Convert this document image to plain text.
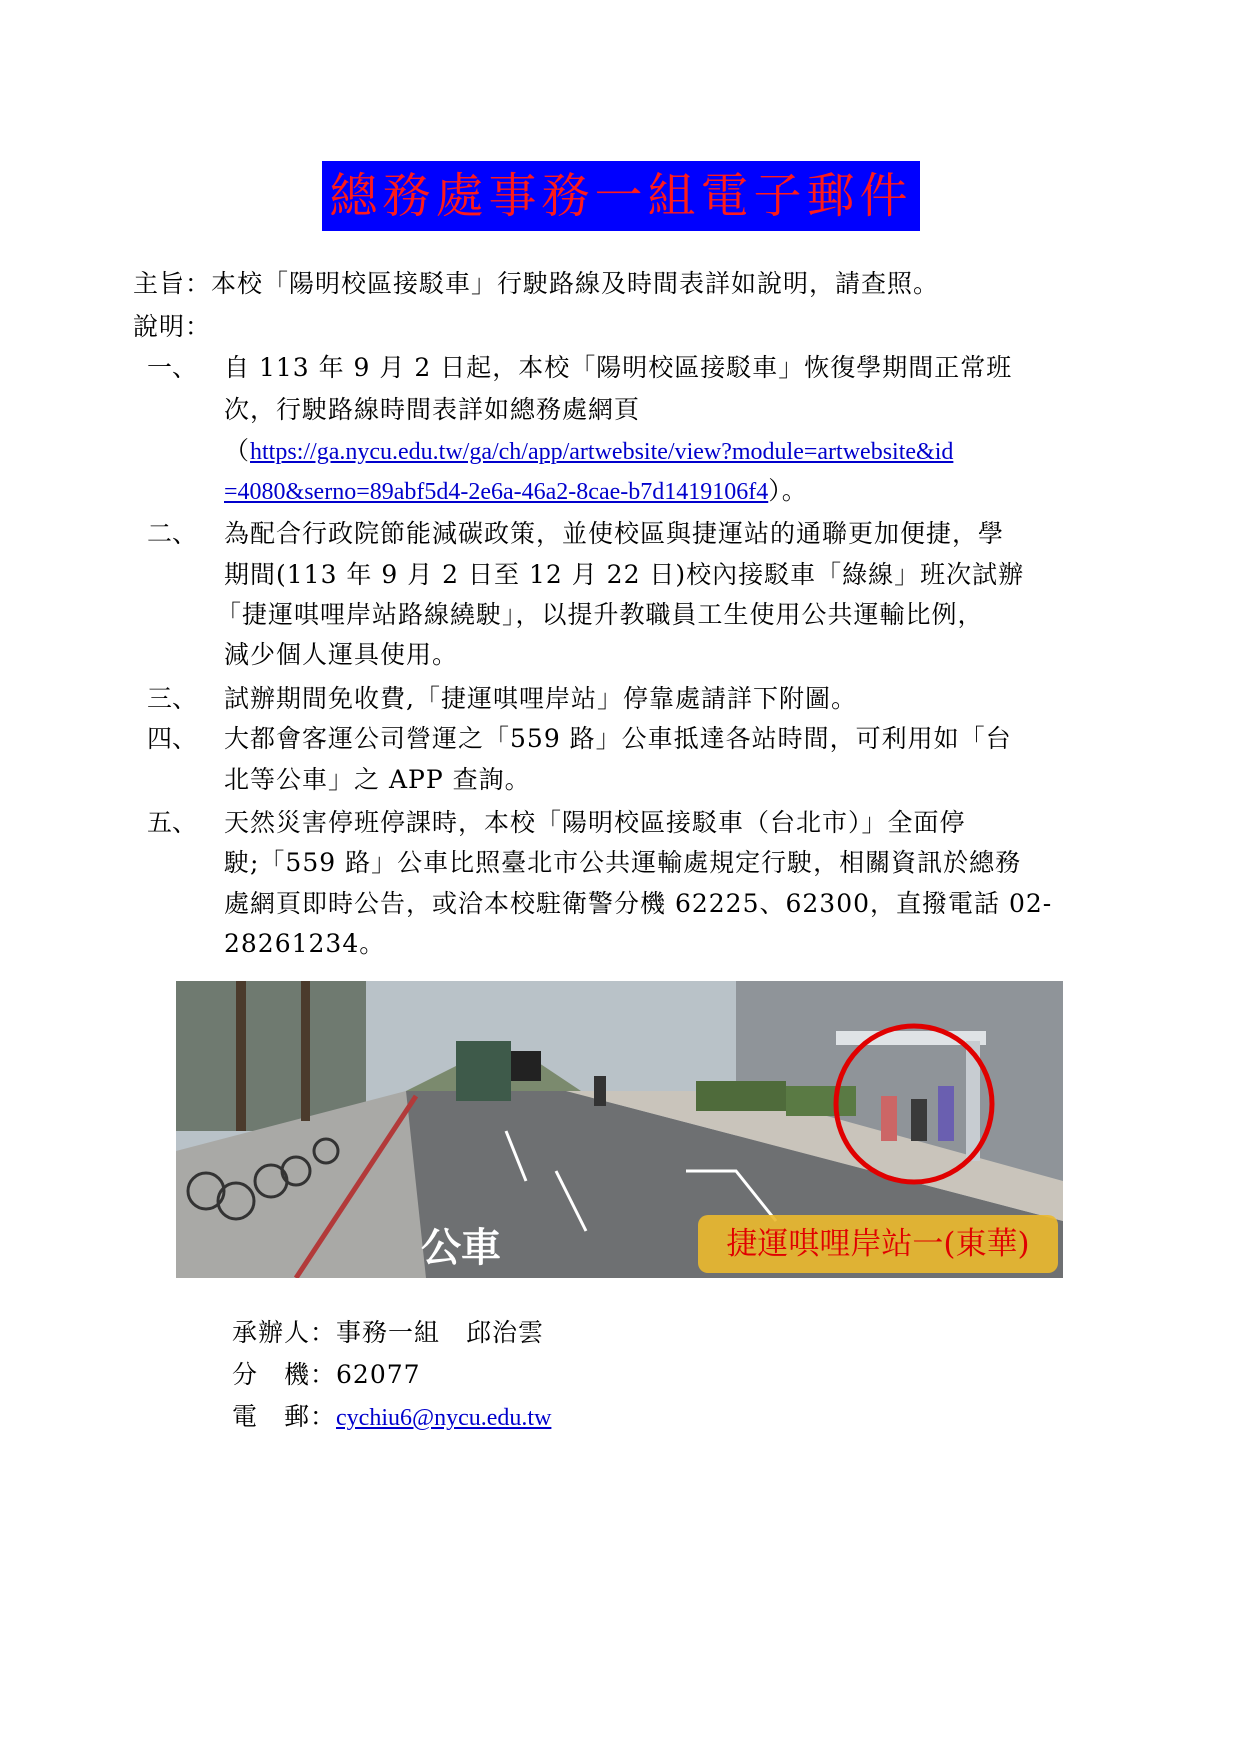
總務處事務一組電子郵件
主旨：本校「陽明校區接駁車」行駛路線及時間表詳如說明，請查照。
說明：
一、 自 113 年 9 月 2 日起，本校「陽明校區接駁車」恢復學期間正常班
次，行駛路線時間表詳如總務處網頁
（https://ga.nycu.edu.tw/ga/ch/app/artwebsite/view?module=artwebsite&id
=4080&serno=89abf5d4-2e6a-46a2-8cae-b7d1419106f4）。
二、 為配合行政院節能減碳政策，並使校區與捷運站的通聯更加便捷，學
期間(113 年 9 月 2 日至 12 月 22 日)校內接駁車「綠線」班次試辦
「捷運唭哩岸站路線繞駛」，以提升教職員工生使用公共運輸比例，
減少個人運具使用。
三、 試辦期間免收費,「捷運唭哩岸站」停靠處請詳下附圖。
四、 大都會客運公司營運之「559 路」公車抵達各站時間，可利用如「台
北等公車」之 APP 查詢。
五、 天然災害停班停課時，本校「陽明校區接駁車（台北市）」全面停
駛;「559 路」公車比照臺北市公共運輸處規定行駛，相關資訊於總務
處網頁即時公告，或洽本校駐衛警分機 62225、62300，直撥電話 02-
28261234。
公車	捷運唭哩岸站一(東華)
承辦人：事務一組　邱治雲
分　機：62077
電　郵：cychiu6@nycu.edu.tw
